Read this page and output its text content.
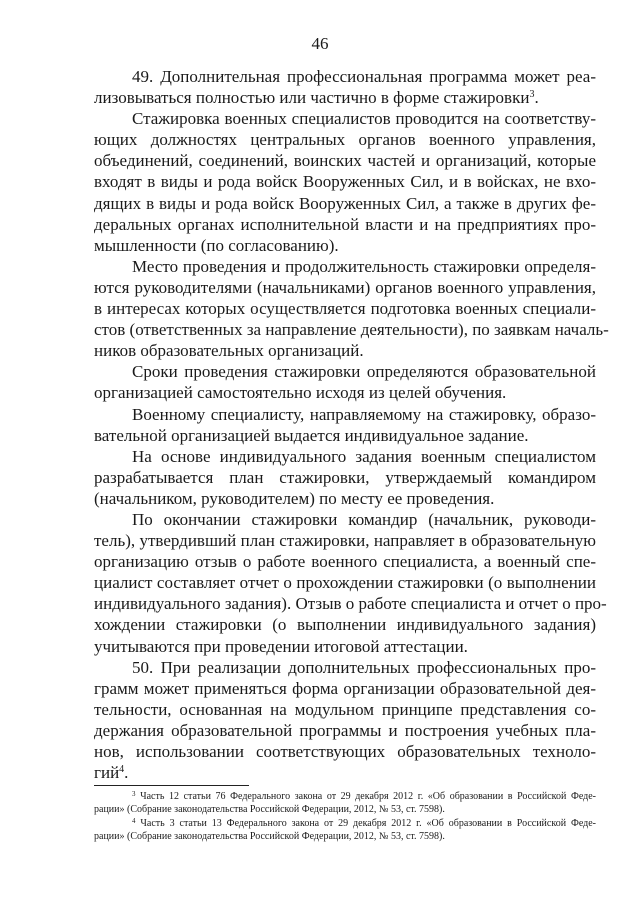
46
49. Дополнительная профессиональная программа может реа-
лизовываться полностью или частично в форме стажировки$^3$.
Стажировка военных специалистов проводится на соответству-
ющих должностях центральных органов военного управления,
объединений, соединений, воинских частей и организаций, которые
входят в виды и рода войск Вооруженных Сил, и в войсках, не вхо-
дящих в виды и рода войск Вооруженных Сил, а также в других фе-
деральных органах исполнительной власти и на предприятиях про-
мышленности (по согласованию).
Место проведения и продолжительность стажировки определя-
ются руководителями (начальниками) органов военного управления,
в интересах которых осуществляется подготовка военных специали-
стов (ответственных за направление деятельности), по заявкам началь-
ников образовательных организаций.
Сроки проведения стажировки определяются образовательной
организацией самостоятельно исходя из целей обучения.
Военному специалисту, направляемому на стажировку, образо-
вательной организацией выдается индивидуальное задание.
На основе индивидуального задания военным специалистом
разрабатывается план стажировки, утверждаемый командиром
(начальником, руководителем) по месту ее проведения.
По окончании стажировки командир (начальник, руководи-
тель), утвердивший план стажировки, направляет в образовательную
организацию отзыв о работе военного специалиста, а военный спе-
циалист составляет отчет о прохождении стажировки (о выполнении
индивидуального задания). Отзыв о работе специалиста и отчет о про-
хождении стажировки (о выполнении индивидуального задания)
учитываются при проведении итоговой аттестации.
50. При реализации дополнительных профессиональных про-
грамм может применяться форма организации образовательной дея-
тельности, основанная на модульном принципе представления со-
держания образовательной программы и построения учебных пла-
нов, использовании соответствующих образовательных техноло-
гий$^4$.
$^3$ Часть 12 статьи 76 Федерального закона от 29 декабря 2012 г. «Об образовании в Российской Феде-
рации» (Собрание законодательства Российской Федерации, 2012, № 53, ст. 7598).
$^4$ Часть 3 статьи 13 Федерального закона от 29 декабря 2012 г. «Об образовании в Российской Феде-
рации» (Собрание законодательства Российской Федерации, 2012, № 53, ст. 7598).
